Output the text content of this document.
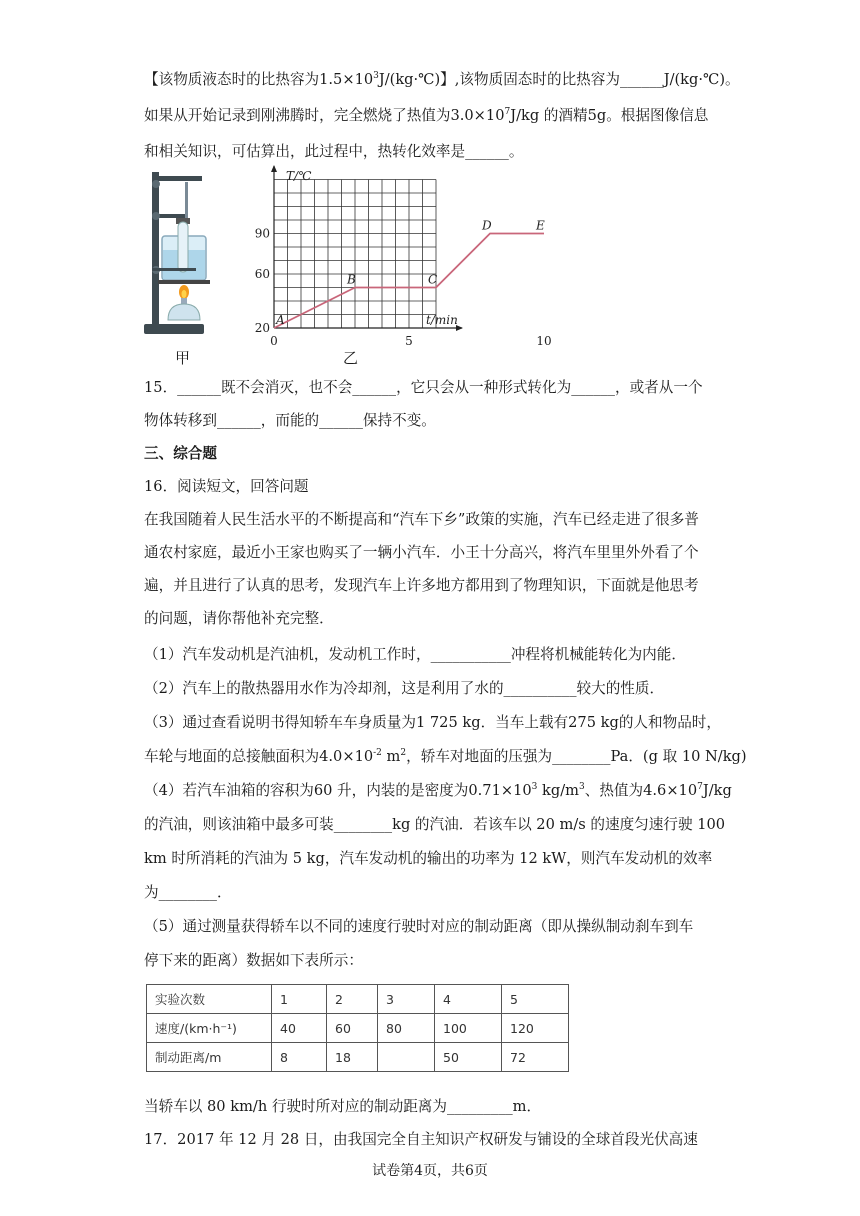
【该物质液态时的比热容为$1.5\times 10^3J/(kg\cdot℃)$】,该物质固态时的比热容为______J/(kg·℃)。
如果从开始记录到刚沸腾时，完全燃烧了热值为$3.0\times 10^7J/kg$ 的酒精5g。根据图像信息
和相关知识，可估算出，此过程中，热转化效率是______。
甲
T/℃
t/min
90
60
20
0	5	10
A
B	C
D	E
乙
15．______既不会消灭，也不会______，它只会从一种形式转化为______，或者从一个
物体转移到______，而能的______保持不变。
三、综合题
16．阅读短文，回答问题
在我国随着人民生活水平的不断提高和“汽车下乡”政策的实施，汽车已经走进了很多普
通农村家庭，最近小王家也购买了一辆小汽车．小王十分高兴，将汽车里里外外看了个
遍，并且进行了认真的思考，发现汽车上许多地方都用到了物理知识，下面就是他思考
的问题，请你帮他补充完整．
（1）汽车发动机是汽油机，发动机工作时，___________冲程将机械能转化为内能．
（2）汽车上的散热器用水作为冷却剂，这是利用了水的__________较大的性质．
（3）通过查看说明书得知轿车车身质量为1 725 kg．当车上载有275 kg的人和物品时，
车轮与地面的总接触面积为$4.0\times 10^{-2}$ $m^2$，轿车对地面的压强为________Pa．(g 取 10 N/kg)
（4）若汽车油箱的容积为60 升，内装的是密度为$0.71\times 10^3$ $kg/m^3$、热值为$4.6\times 10^7J/kg$
的汽油，则该油箱中最多可装________kg 的汽油．若该车以 20 m/s 的速度匀速行驶 100
km 时所消耗的汽油为 5 kg，汽车发动机的输出的功率为 12 kW，则汽车发动机的效率
为________．
（5）通过测量获得轿车以不同的速度行驶时对应的制动距离（即从操纵制动刹车到车
停下来的距离）数据如下表所示：
实验次数	1	2	3	4	5
速度/(km·h⁻¹)	40	60	80	100	120
制动距离/m	8	18		50	72
当轿车以 80 km/h 行驶时所对应的制动距离为_________m．
17．2017 年 12 月 28 日，由我国完全自主知识产权研发与铺设的全球首段光伏高速
试卷第4页，共6页
